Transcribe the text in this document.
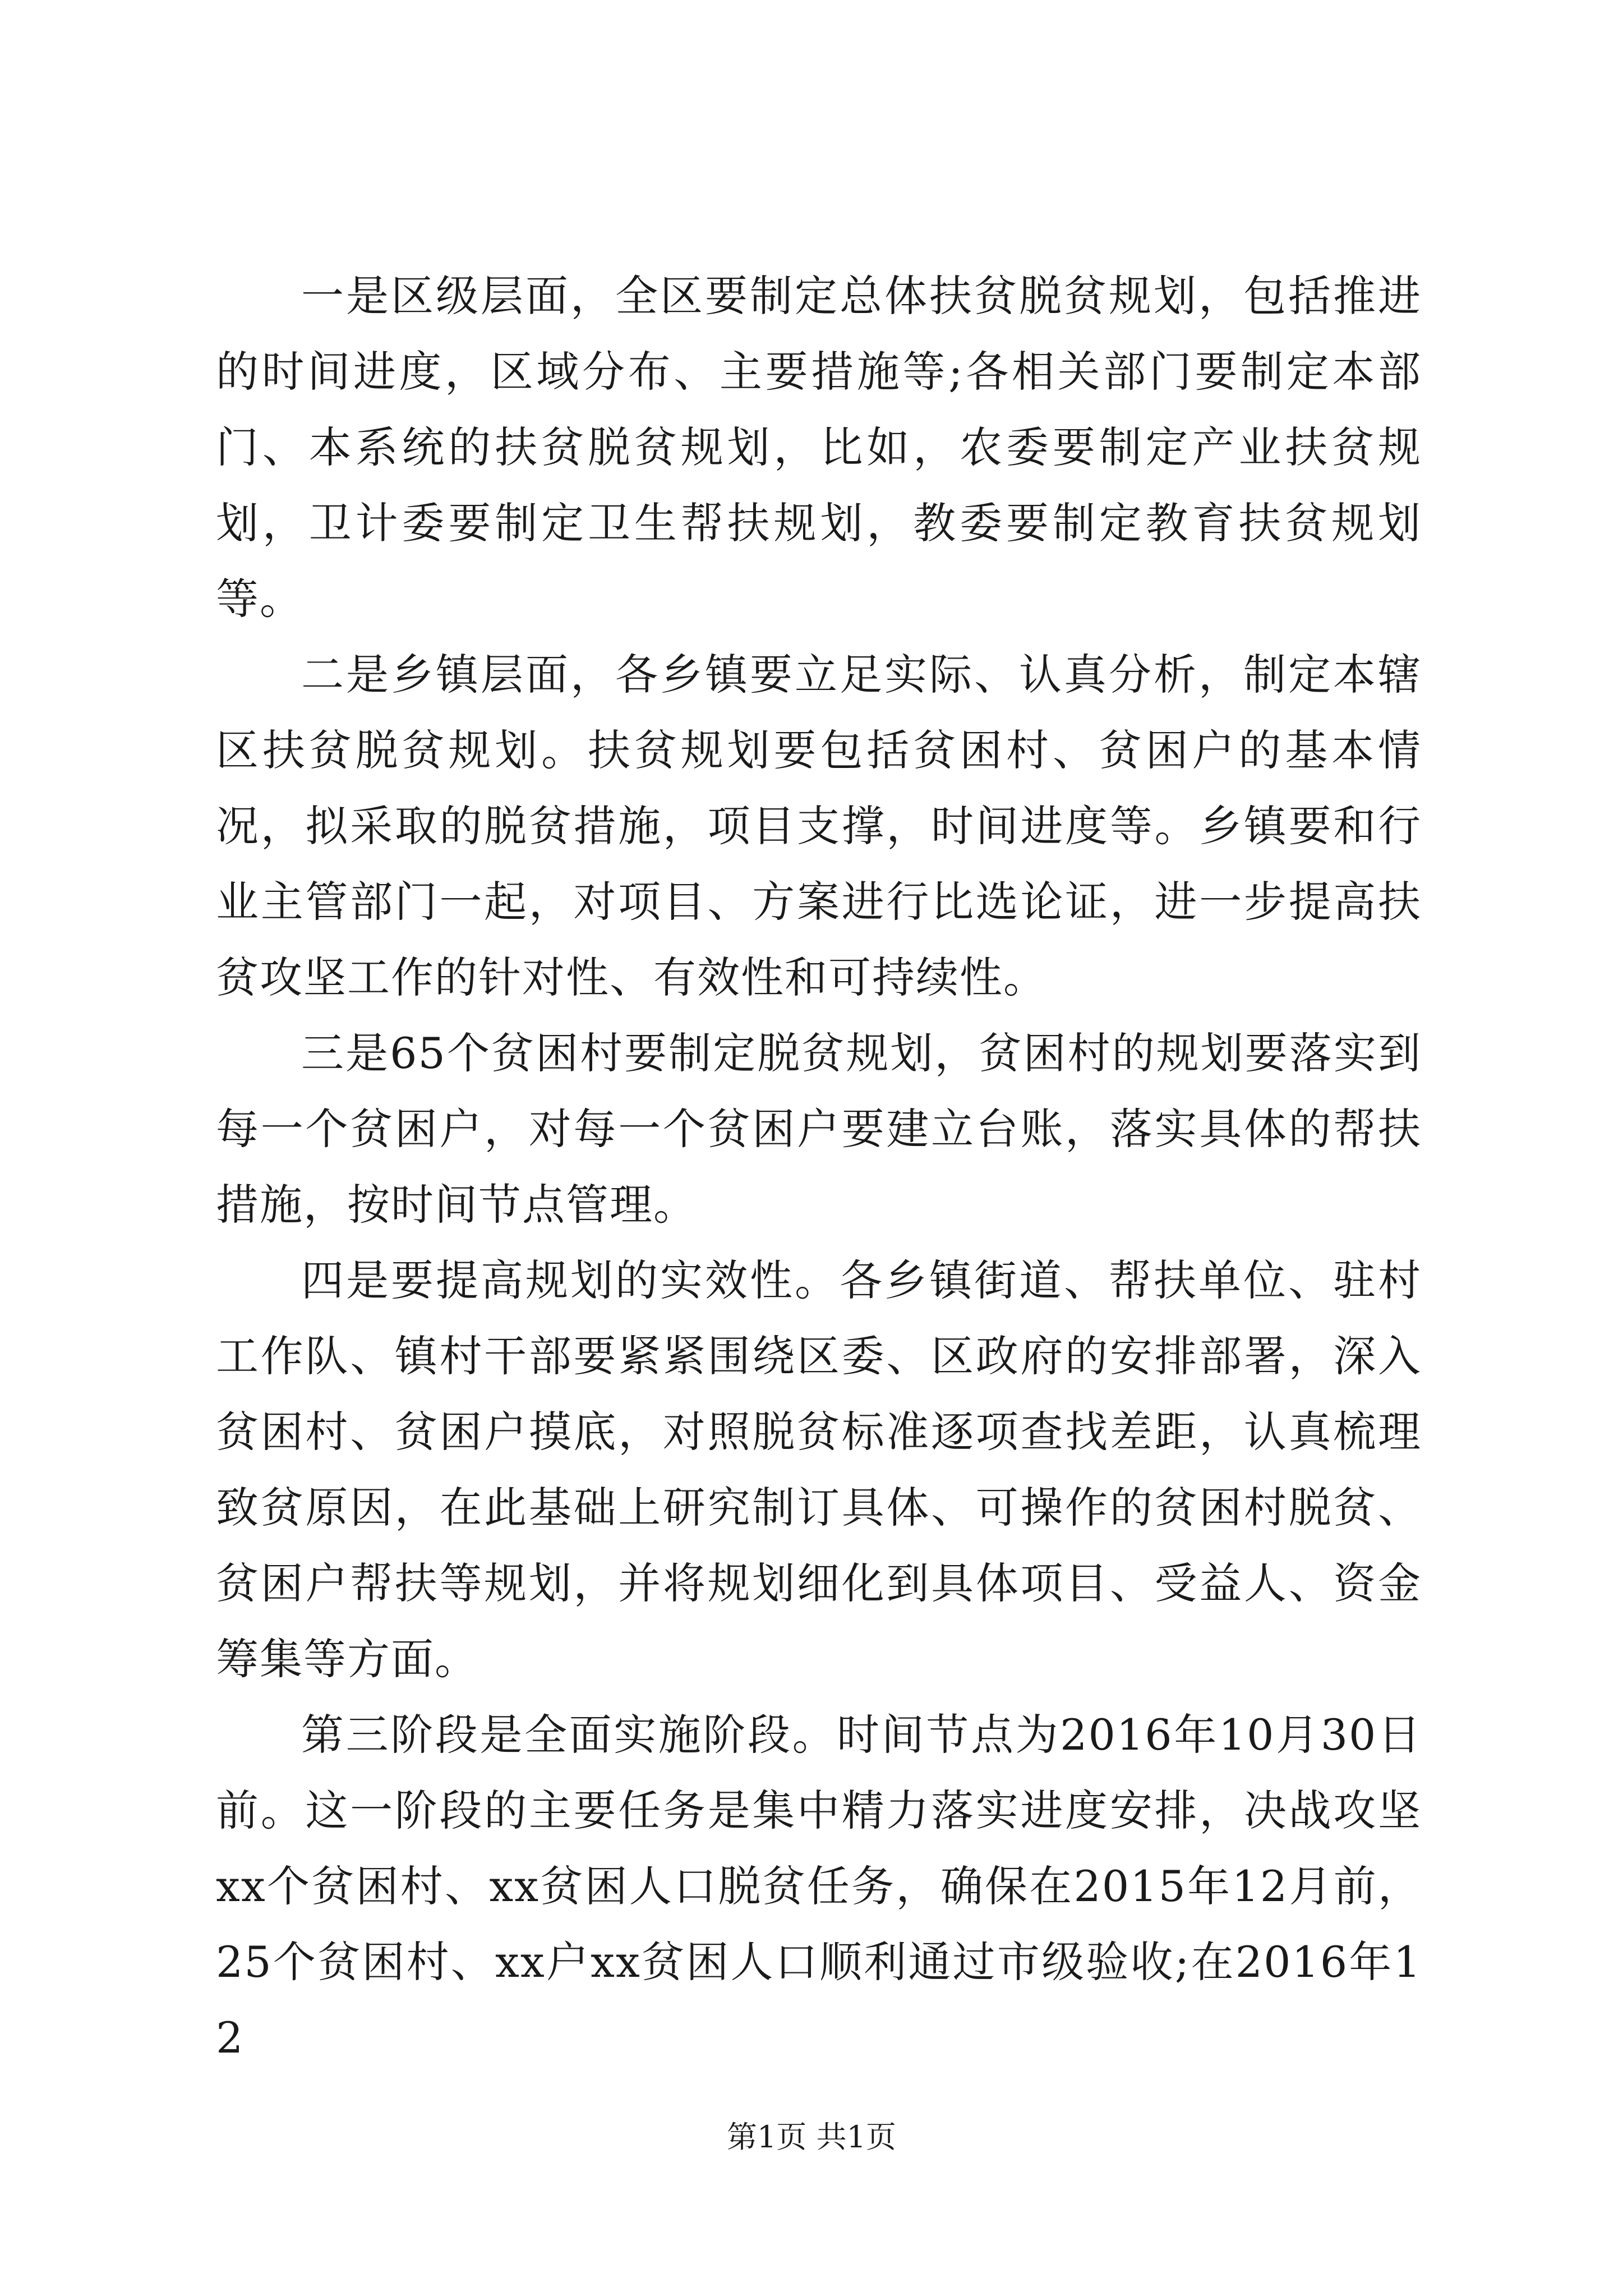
一是区级层面，全区要制定总体扶贫脱贫规划，包括推进的时间进度，区域分布、主要措施等;各相关部门要制定本部门、本系统的扶贫脱贫规划，比如，农委要制定产业扶贫规划，卫计委要制定卫生帮扶规划，教委要制定教育扶贫规划等。

二是乡镇层面，各乡镇要立足实际、认真分析，制定本辖区扶贫脱贫规划。扶贫规划要包括贫困村、贫困户的基本情况，拟采取的脱贫措施，项目支撑，时间进度等。乡镇要和行业主管部门一起，对项目、方案进行比选论证，进一步提高扶贫攻坚工作的针对性、有效性和可持续性。

三是65个贫困村要制定脱贫规划，贫困村的规划要落实到每一个贫困户，对每一个贫困户要建立台账，落实具体的帮扶措施，按时间节点管理。

四是要提高规划的实效性。各乡镇街道、帮扶单位、驻村工作队、镇村干部要紧紧围绕区委、区政府的安排部署，深入贫困村、贫困户摸底，对照脱贫标准逐项查找差距，认真梳理致贫原因，在此基础上研究制订具体、可操作的贫困村脱贫、贫困户帮扶等规划，并将规划细化到具体项目、受益人、资金筹集等方面。

第三阶段是全面实施阶段。时间节点为2016年10月30日前。这一阶段的主要任务是集中精力落实进度安排，决战攻坚xx个贫困村、xx贫困人口脱贫任务，确保在2015年12月前，25个贫困村、xx户xx贫困人口顺利通过市级验收;在2016年12

第1页 共1页
